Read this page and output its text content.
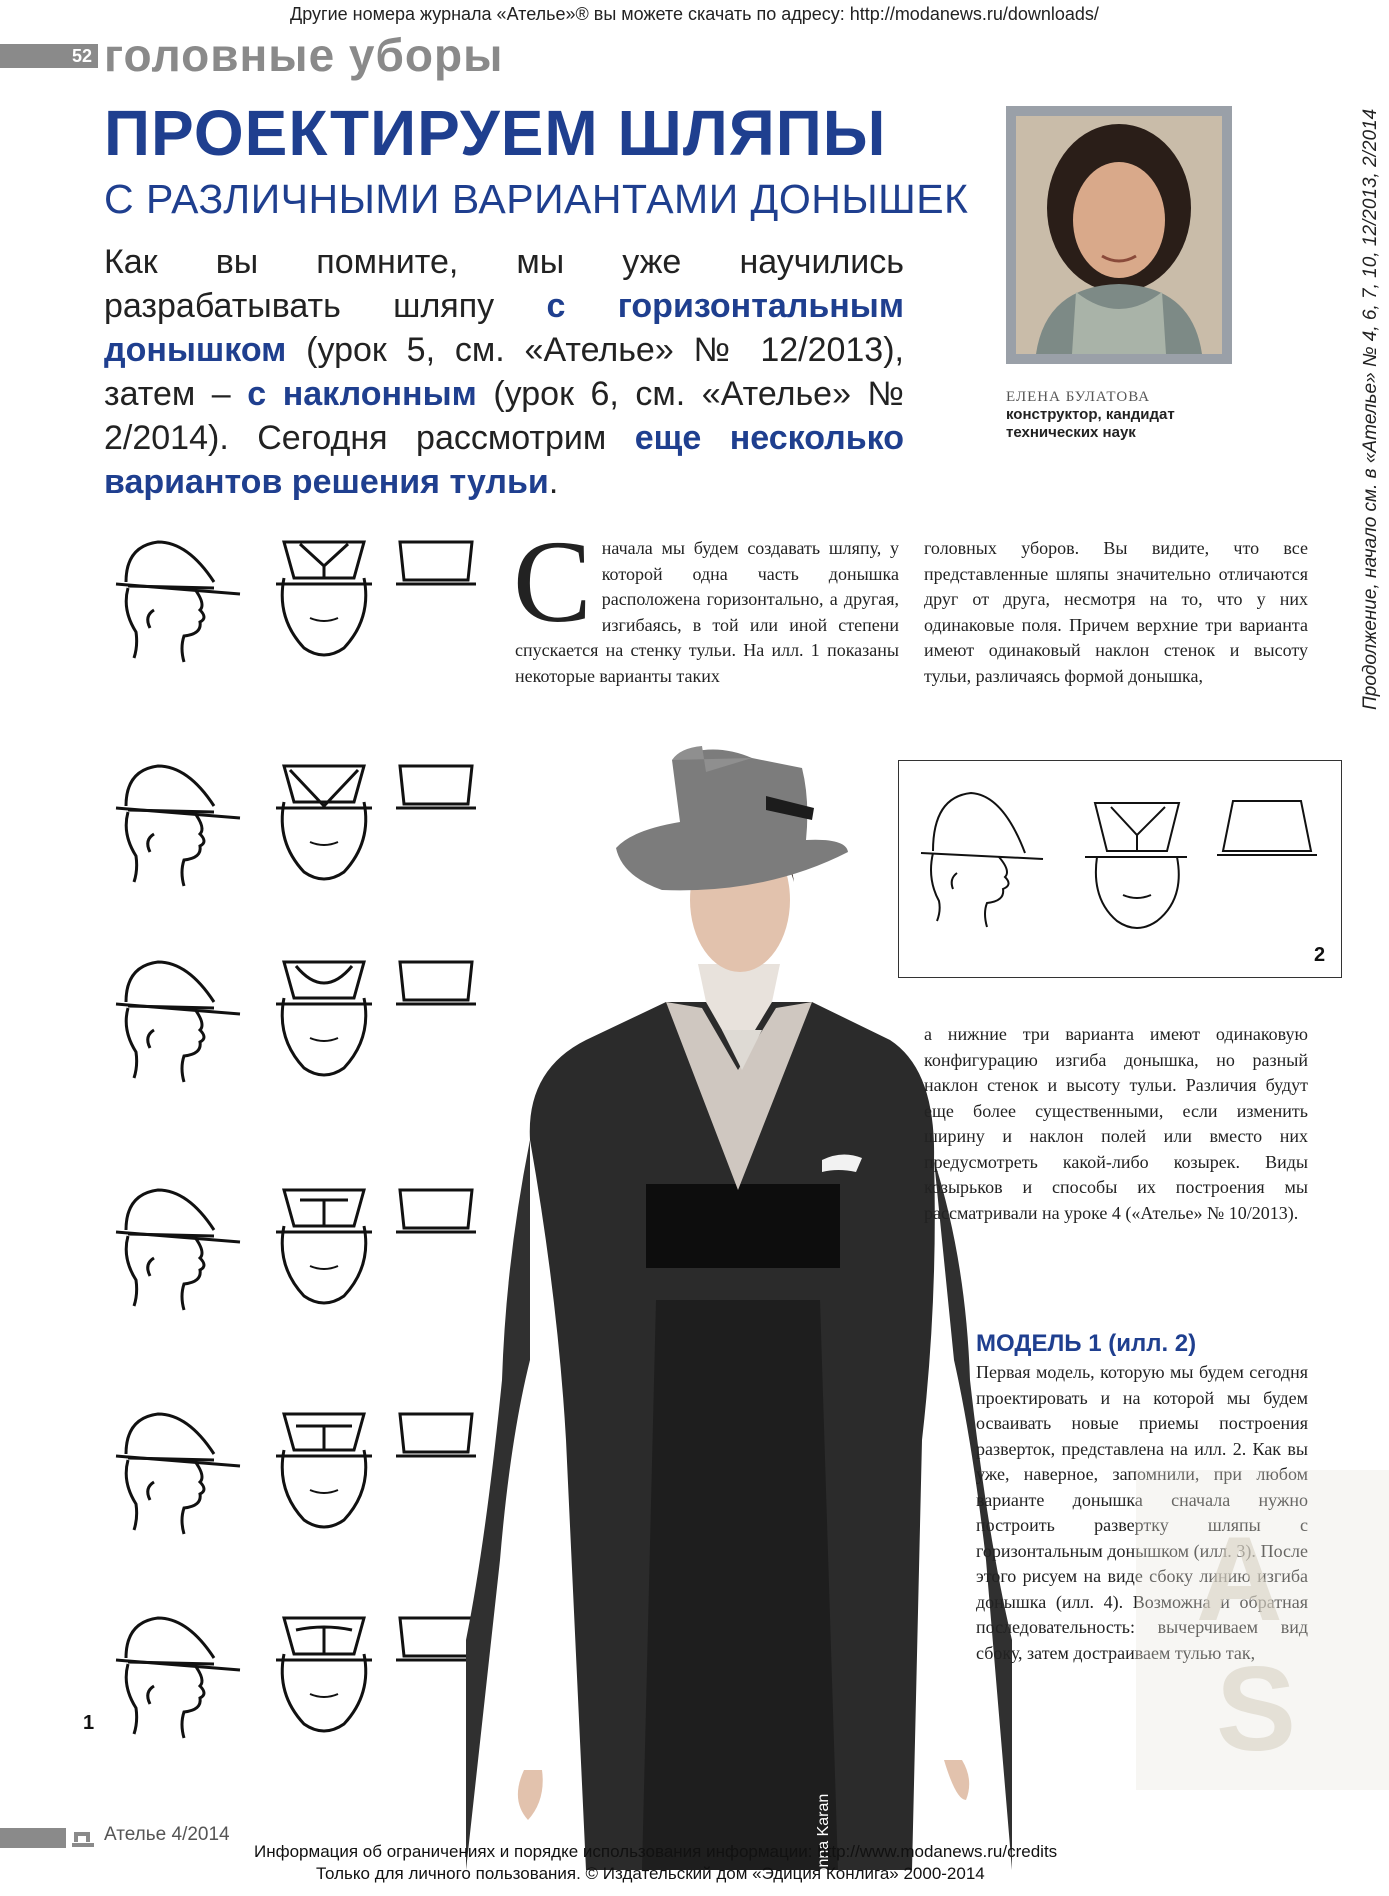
Другие номера журнала «Ателье»® вы можете скачать по адресу: http://modanews.ru/downloads/
52 головные уборы
ПРОЕКТИРУЕМ ШЛЯПЫ
С РАЗЛИЧНЫМИ ВАРИАНТАМИ ДОНЫШЕК
Как вы помните, мы уже научились разрабатывать шляпу с горизонтальным донышком (урок 5, см. «Ателье» № 12/2013), затем – с наклонным (урок 6, см. «Ателье» № 2/2014). Сегодня рассмотрим еще несколько вариантов решения тульи.
ЕЛЕНА БУЛАТОВА
конструктор, кандидат технических наук	Продолжение, начало см. в «Ателье» № 4, 6, 7, 10, 12/2013, 2/2014
1
Сначала мы будем создавать шляпу, у которой одна часть донышка расположена горизонтально, а другая, изгибаясь, в той или иной степени спускается на стенку тульи. На илл. 1 показаны некоторые варианты таких
головных уборов. Вы видите, что все представленные шляпы значительно отличаются друг от друга, несмотря на то, что у них одинаковые поля. Причем верхние три варианта имеют одинаковый наклон стенок и высоту тульи, различаясь формой донышка,
2
Donna Karan
а нижние три варианта имеют одинаковую конфигурацию изгиба донышка, но разный наклон стенок и высоту тульи. Различия будут еще более существенными, если изменить ширину и наклон полей или вместо них предусмотреть какой-либо козырек. Виды козырьков и способы их построения мы рассматривали на уроке 4 («Ателье» № 10/2013).
МОДЕЛЬ 1 (илл. 2)
Первая модель, которую мы будем сегодня проектировать и на которой мы будем осваивать новые приемы построения разверток, представлена на илл. 2. Как вы уже, наверное, запомнили, при любом варианте донышка сначала нужно построить развертку шляпы с горизонтальным донышком (илл. 3). После этого рисуем на виде сбоку линию изгиба донышка (илл. 4). Возможна и обратная последовательность: вычерчиваем вид сбоку, затем достраиваем тулью так,
A
S
Ателье 4/2014
Информация об ограничениях и порядке использования информации: http://www.modanews.ru/credits
Только для личного пользования. © Издательский дом «Эдиция Конлига» 2000-2014
